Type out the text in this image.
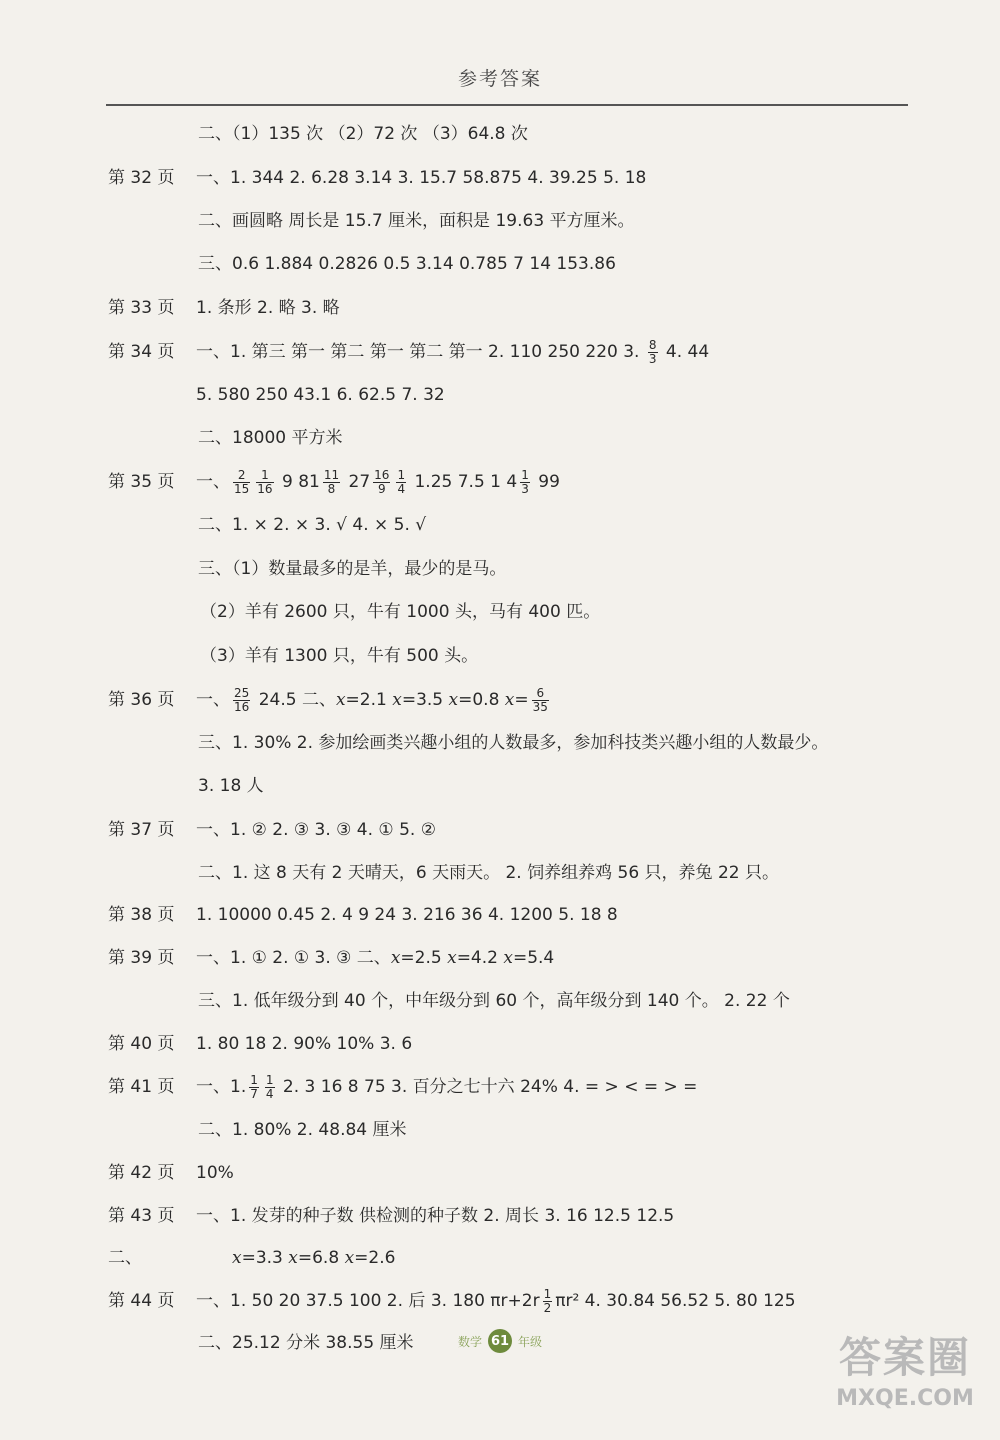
参考答案
二、（1）135 次 （2）72 次 （3）64.8 次
第 32 页 一、1. 344 2. 6.28 3.14 3. 15.7 58.875 4. 39.25 5. 18
二、画圆略 周长是 15.7 厘米，面积是 19.63 平方厘米。
三、0.6 1.884 0.2826 0.5 3.14 0.785 7 14 153.86
第 33 页 1. 条形 2. 略 3. 略
第 34 页 一、1. 第三 第一 第二 第一 第二 第一 2. 110 250 220 3. $\frac{8}{3} 4$. 44
5. 580 250 43.1 6. 62.5 7. 32
二、18000 平方米
第 35 页 一、 $\frac{2}{15} \frac{1}{16} 9$ $81 \frac{11}{8} 27 \frac{16}{9} \frac{1}{4} 1.25$ 7.5 1 $4 \frac{1}{3} 99$
二、1. × 2. × 3. √ 4. × 5. √
三、（1）数量最多的是羊，最少的是马。
（2）羊有 2600 只，牛有 1000 头，马有 400 匹。
（3）羊有 1300 只，牛有 500 头。
第 36 页 一、 $\frac{25}{16} 24.5$ 二、x=2.1 x=3.5 x=0.8 $x= \frac{6}{35}$
三、1. 30% 2. 参加绘画类兴趣小组的人数最多，参加科技类兴趣小组的人数最少。
3. 18 人
第 37 页 一、1. ② 2. ③ 3. ③ 4. ① 5. ②
二、1. 这 8 天有 2 天晴天，6 天雨天。 2. 饲养组养鸡 56 只，养兔 22 只。
第 38 页 1. 10000 0.45 2. 4 9 24 3. 216 36 4. 1200 5. 18 8
第 39 页 一、1. ① 2. ① 3. ③ 二、x=2.5 x=4.2 x=5.4
三、1. 低年级分到 40 个，中年级分到 60 个，高年级分到 140 个。 2. 22 个
第 40 页 1. 80 18 2. 90% 10% 3. 6
第 41 页 一、1. $\frac{1}{7} \frac{1}{4} 2$. 3 16 8 75 3. 百分之七十六 24% 4. = > < = > =
二、1. 80% 2. 48.84 厘米
第 42 页 10%
第 43 页 一、1. 发芽的种子数 供检测的种子数 2. 周长 3. 16 12.5 12.5
二、	x=3.3 x=6.8 x=2.6
第 44 页 一、1. 50 20 37.5 100 2. 后 3. 180 $\pi r+2r \frac{1}{2} \pi r^2$ 4. 30.84 56.52 5. 80 125
二、25.12 分米 38.55 厘米	数学 61 年级	答案圈
MXQE.COM
